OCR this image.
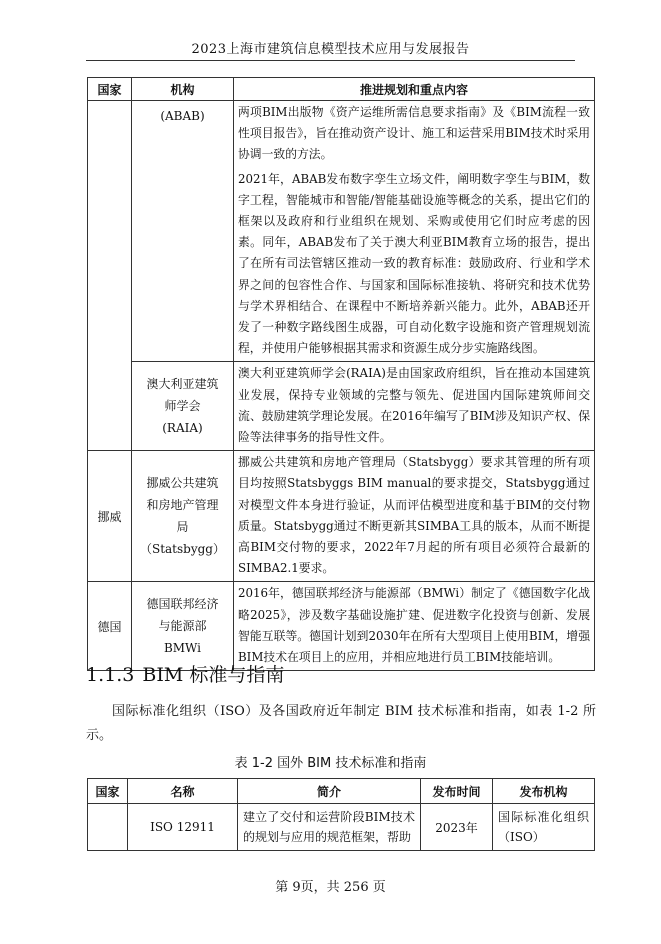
2023上海市建筑信息模型技术应用与发展报告
国家	机构	推进规划和重点内容

	(ABAB)	两项BIM出版物《资产运维所需信息要求指南》及《BIM流程一致性项目报告》，旨在推动资产设计、施工和运营采用BIM技术时采用协调一致的方法。

2021年，ABAB发布数字孪生立场文件，阐明数字孪生与BIM，数字工程，智能城市和智能/智能基础设施等概念的关系，提出它们的框架以及政府和行业组织在规划、采购或使用它们时应考虑的因素。同年，ABAB发布了关于澳大利亚BIM教育立场的报告，提出了在所有司法管辖区推动一致的教育标准：鼓励政府、行业和学术界之间的包容性合作、与国家和国际标准接轨、将研究和技术优势与学术界相结合、在课程中不断培养新兴能力。此外，ABAB还开发了一种数字路线图生成器，可自动化数字设施和资产管理规划流程，并使用户能够根据其需求和资源生成分步实施路线图。

	澳大利亚建筑
师学会
(RAIA)	澳大利亚建筑师学会(RAIA)是由国家政府组织，旨在推动本国建筑业发展，保持专业领域的完整与领先、促进国内国际建筑师间交流、鼓励建筑学理论发展。在2016年编写了BIM涉及知识产权、保险等法律事务的指导性文件。

挪威	挪威公共建筑
和房地产管理
局
（Statsbygg）	挪威公共建筑和房地产管理局（Statsbygg）要求其管理的所有项目均按照Statsbyggs BIM manual的要求提交，Statsbygg通过对模型文件本身进行验证，从而评估模型进度和基于BIM的交付物质量。Statsbygg通过不断更新其SIMBA工具的版本，从而不断提高BIM交付物的要求，2022年7月起的所有项目必须符合最新的SIMBA2.1要求。

德国	德国联邦经济
与能源部
BMWi	2016年，德国联邦经济与能源部（BMWi）制定了《德国数字化战略2025》，涉及数字基础设施扩建、促进数字化投资与创新、发展智能互联等。德国计划到2030年在所有大型项目上使用BIM，增强BIM技术在项目上的应用，并相应地进行员工BIM技能培训。

1.1.3 BIM 标准与指南
国际标准化组织（ISO）及各国政府近年制定 BIM 技术标准和指南，如表 1-2 所示。
表 1-2 国外 BIM 技术标准和指南
国家	名称	简介	发布时间	发布机构
	ISO 12911	建立了交付和运营阶段BIM技术的规划与应用的规范框架，帮助	2023年	国际标准化组织（ISO）
第 9页，共 256 页
